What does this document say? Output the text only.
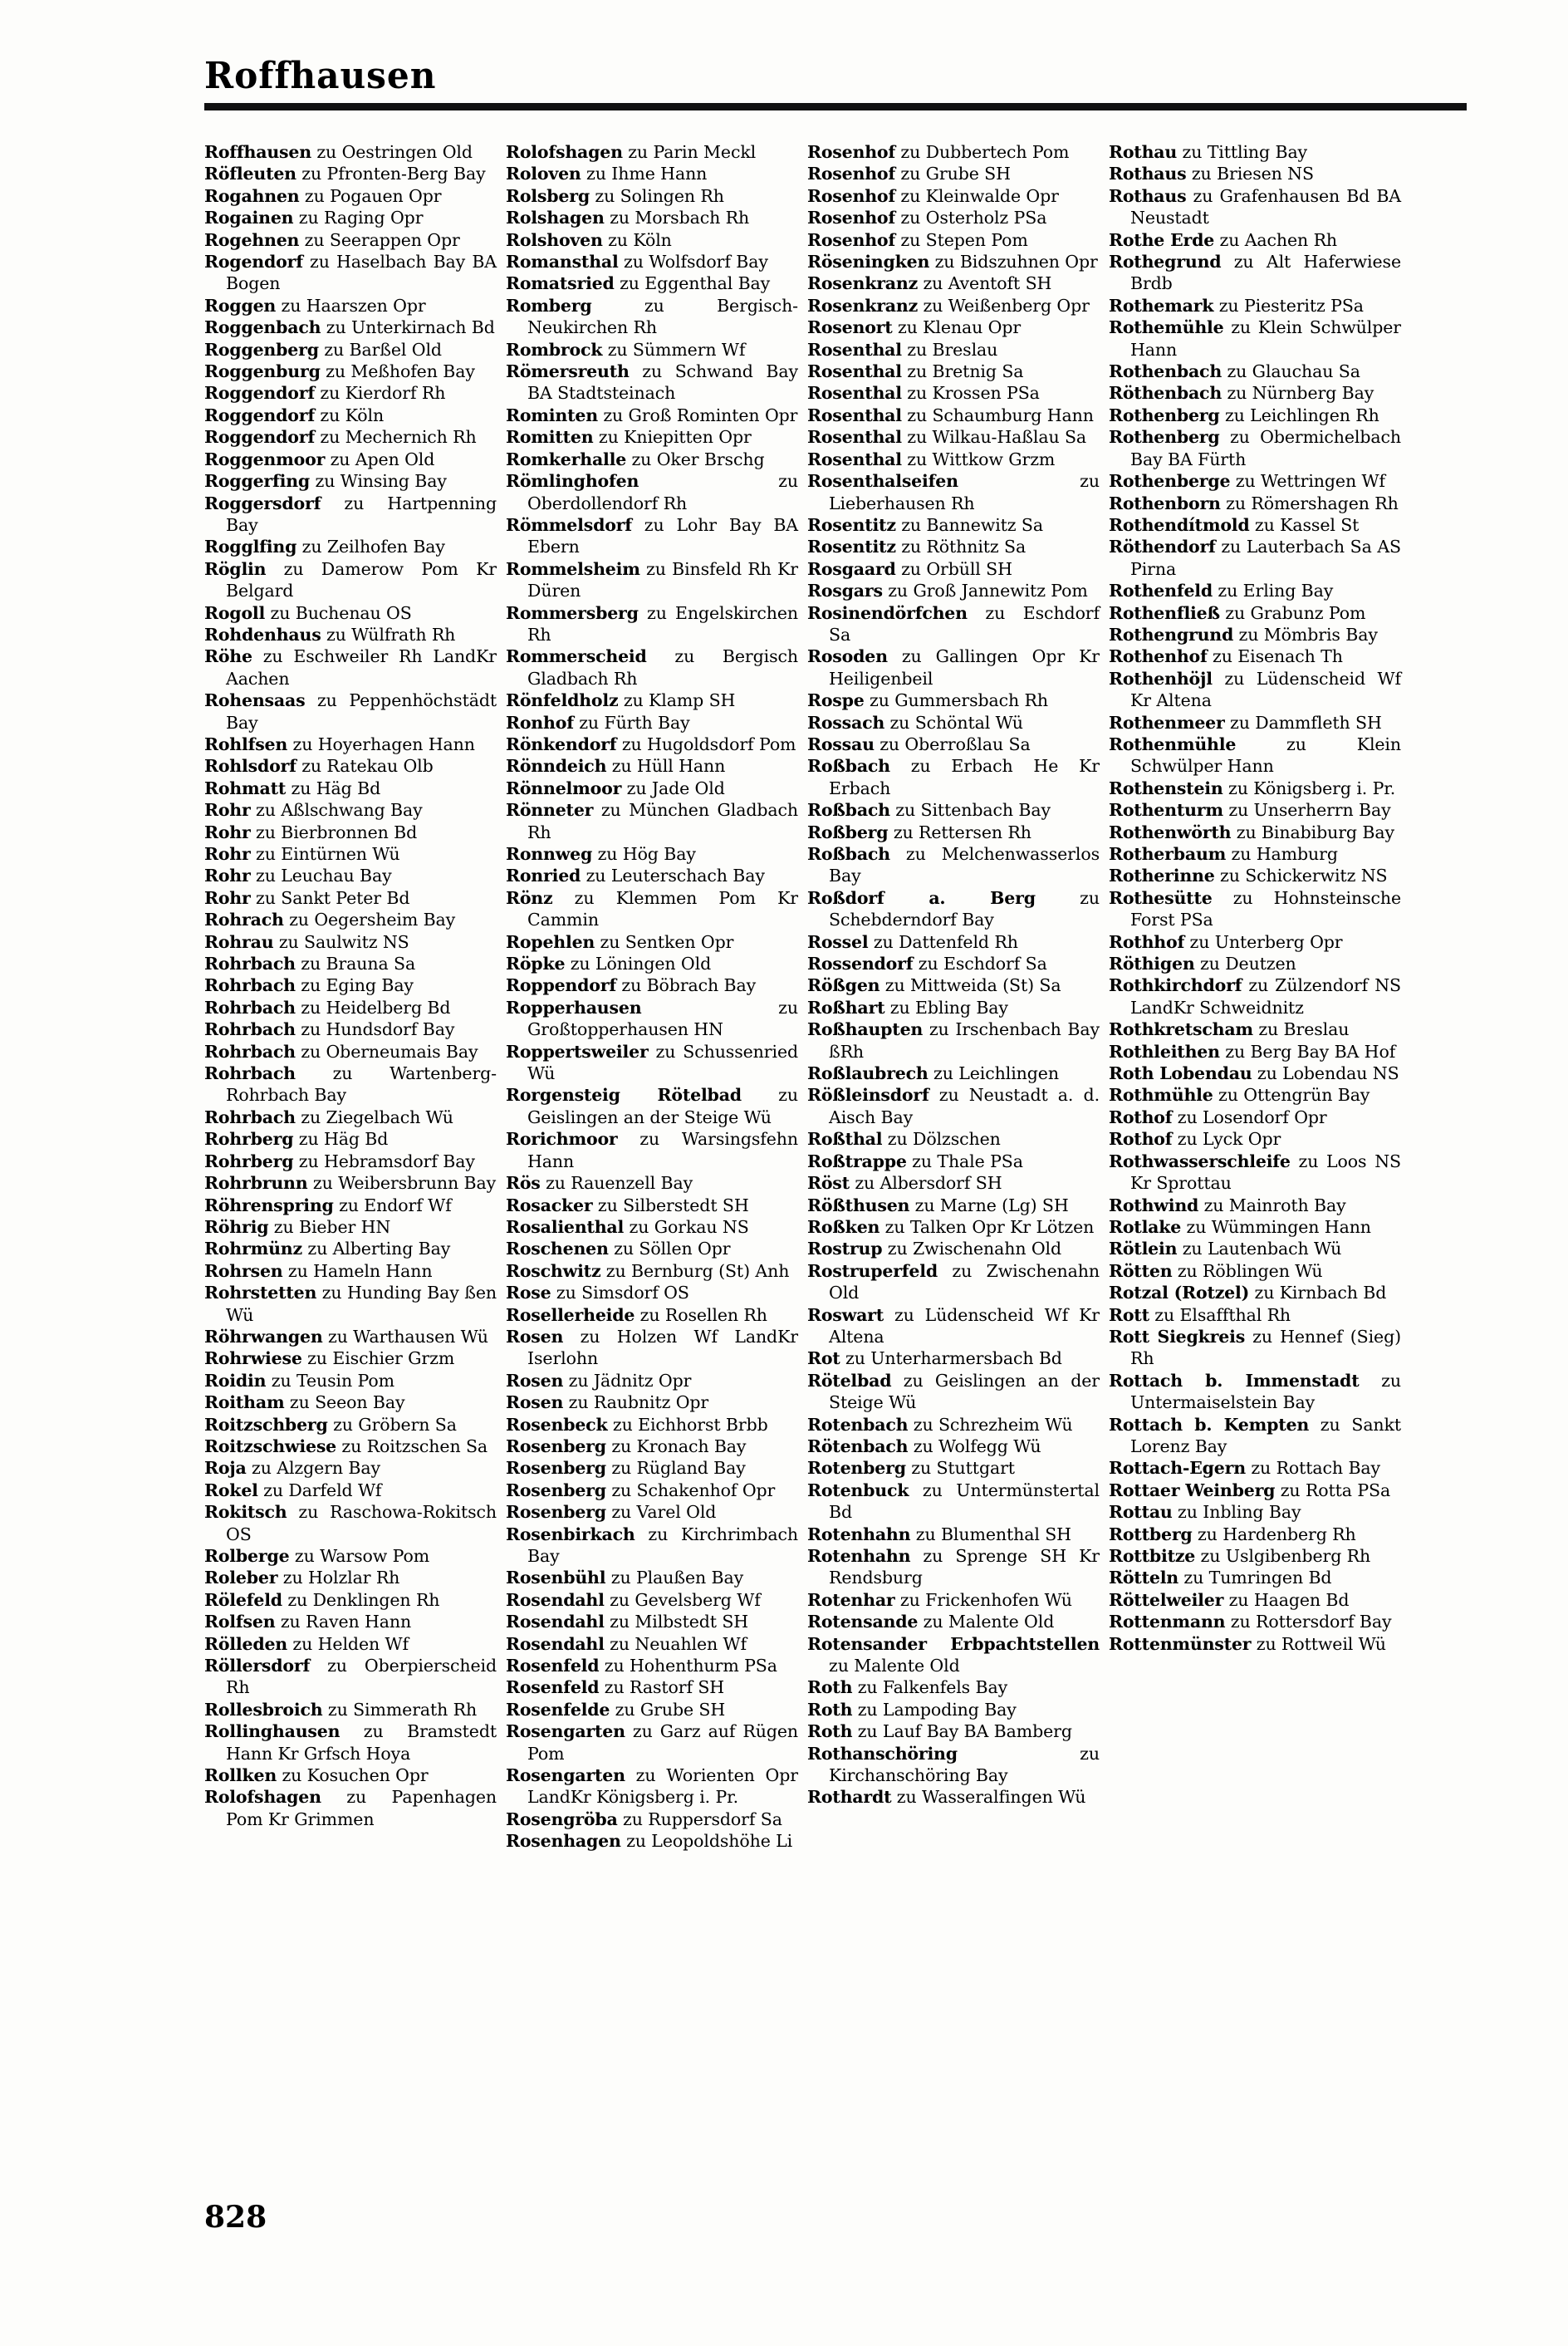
Roffhausen

Roffhausen zu Oestringen Old

Röfleuten zu Pfronten-Berg Bay

Rogahnen zu Pogauen Opr

Rogainen zu Raging Opr

Rogehnen zu Seerappen Opr

Rogendorf zu Haselbach Bay BA Bogen

Roggen zu Haarszen Opr

Roggenbach zu Unterkirnach Bd

Roggenberg zu Barßel Old

Roggenburg zu Meßhofen Bay

Roggendorf zu Kierdorf Rh

Roggendorf zu Köln

Roggendorf zu Mechernich Rh

Roggenmoor zu Apen Old

Roggerfing zu Winsing Bay

Roggersdorf zu Hartpenning Bay

Rogglfing zu Zeilhofen Bay

Röglin zu Damerow Pom Kr Belgard

Rogoll zu Buchenau OS

Rohdenhaus zu Wülfrath Rh

Röhe zu Eschweiler Rh LandKr Aachen

Rohensaas zu Peppenhöchstädt Bay

Rohlfsen zu Hoyerhagen Hann

Rohlsdorf zu Ratekau Olb

Rohmatt zu Häg Bd

Rohr zu Aßlschwang Bay

Rohr zu Bierbronnen Bd

Rohr zu Eintürnen Wü

Rohr zu Leuchau Bay

Rohr zu Sankt Peter Bd

Rohrach zu Oegersheim Bay

Rohrau zu Saulwitz NS

Rohrbach zu Brauna Sa

Rohrbach zu Eging Bay

Rohrbach zu Heidelberg Bd

Rohrbach zu Hundsdorf Bay

Rohrbach zu Oberneumais Bay

Rohrbach zu Wartenberg-Rohrbach Bay

Rohrbach zu Ziegelbach Wü

Rohrberg zu Häg Bd

Rohrberg zu Hebramsdorf Bay

Rohrbrunn zu Weibersbrunn Bay

Röhrenspring zu Endorf Wf

Röhrig zu Bieber HN

Rohrmünz zu Alberting Bay

Rohrsen zu Hameln Hann

Rohrstetten zu Hunding Bay ßen Wü

Röhrwangen zu Warthausen Wü

Rohrwiese zu Eischier Grzm

Roidin zu Teusin Pom

Roitham zu Seeon Bay

Roitzschberg zu Gröbern Sa

Roitzschwiese zu Roitzschen Sa

Roja zu Alzgern Bay

Rokel zu Darfeld Wf

Rokitsch zu Raschowa-Rokitsch OS

Rolberge zu Warsow Pom

Roleber zu Holzlar Rh

Rölefeld zu Denklingen Rh

Rolfsen zu Raven Hann

Rölleden zu Helden Wf

Röllersdorf zu Oberpierscheid Rh

Rollesbroich zu Simmerath Rh

Rollinghausen zu Bramstedt Hann Kr Grfsch Hoya

Rollken zu Kosuchen Opr

Rolofshagen zu Papenhagen Pom Kr Grimmen

Rolofshagen zu Parin Meckl

Roloven zu Ihme Hann

Rolsberg zu Solingen Rh

Rolshagen zu Morsbach Rh

Rolshoven zu Köln

Romansthal zu Wolfsdorf Bay

Romatsried zu Eggenthal Bay

Romberg zu Bergisch-Neukirchen Rh

Rombrock zu Sümmern Wf

Römersreuth zu Schwand Bay BA Stadtsteinach

Rominten zu Groß Rominten Opr

Romitten zu Kniepitten Opr

Romkerhalle zu Oker Brschg

Römlinghofen zu Oberdollendorf Rh

Römmelsdorf zu Lohr Bay BA Ebern

Rommelsheim zu Binsfeld Rh Kr Düren

Rommersberg zu Engelskirchen Rh

Rommerscheid zu Bergisch Gladbach Rh

Rönfeldholz zu Klamp SH

Ronhof zu Fürth Bay

Rönkendorf zu Hugoldsdorf Pom

Rönndeich zu Hüll Hann

Rönnelmoor zu Jade Old

Rönneter zu München Gladbach Rh

Ronnweg zu Hög Bay

Ronried zu Leuterschach Bay

Rönz zu Klemmen Pom Kr Cammin

Ropehlen zu Sentken Opr

Röpke zu Löningen Old

Roppendorf zu Böbrach Bay

Ropperhausen zu Großtopperhausen HN

Roppertsweiler zu Schussenried Wü

Rorgensteig Rötelbad zu Geislingen an der Steige Wü

Rorichmoor zu Warsingsfehn Hann

Rös zu Rauenzell Bay

Rosacker zu Silberstedt SH

Rosalienthal zu Gorkau NS

Roschenen zu Söllen Opr

Roschwitz zu Bernburg (St) Anh

Rose zu Simsdorf OS

Rosellerheide zu Rosellen Rh

Rosen zu Holzen Wf LandKr Iserlohn

Rosen zu Jädnitz Opr

Rosen zu Raubnitz Opr

Rosenbeck zu Eichhorst Brbb

Rosenberg zu Kronach Bay

Rosenberg zu Rügland Bay

Rosenberg zu Schakenhof Opr

Rosenberg zu Varel Old

Rosenbirkach zu Kirchrimbach Bay

Rosenbühl zu Plaußen Bay

Rosendahl zu Gevelsberg Wf

Rosendahl zu Milbstedt SH

Rosendahl zu Neuahlen Wf

Rosenfeld zu Hohenthurm PSa

Rosenfeld zu Rastorf SH

Rosenfelde zu Grube SH

Rosengarten zu Garz auf Rügen Pom

Rosengarten zu Worienten Opr LandKr Königsberg i. Pr.

Rosengröba zu Ruppersdorf Sa

Rosenhagen zu Leopoldshöhe Li

Rosenhof zu Dubbertech Pom

Rosenhof zu Grube SH

Rosenhof zu Kleinwalde Opr

Rosenhof zu Osterholz PSa

Rosenhof zu Stepen Pom

Röseningken zu Bidszuhnen Opr

Rosenkranz zu Aventoft SH

Rosenkranz zu Weißenberg Opr

Rosenort zu Klenau Opr

Rosenthal zu Breslau

Rosenthal zu Bretnig Sa

Rosenthal zu Krossen PSa

Rosenthal zu Schaumburg Hann

Rosenthal zu Wilkau-Haßlau Sa

Rosenthal zu Wittkow Grzm

Rosenthalseifen zu Lieberhausen Rh

Rosentitz zu Bannewitz Sa

Rosentitz zu Röthnitz Sa

Rosgaard zu Orbüll SH

Rosgars zu Groß Jannewitz Pom

Rosinendörfchen zu Eschdorf Sa

Rosoden zu Gallingen Opr Kr Heiligenbeil

Rospe zu Gummersbach Rh

Rossach zu Schöntal Wü

Rossau zu Oberroßlau Sa

Roßbach zu Erbach He Kr Erbach

Roßbach zu Sittenbach Bay

Roßberg zu Rettersen Rh

Roßbach zu Melchenwasserlos Bay

Roßdorf a. Berg zu Schebderndorf Bay

Rossel zu Dattenfeld Rh

Rossendorf zu Eschdorf Sa

Rößgen zu Mittweida (St) Sa

Roßhart zu Ebling Bay

Roßhaupten zu Irschenbach Bay ßRh

Roßlaubrech zu Leichlingen

Rößleinsdorf zu Neustadt a. d. Aisch Bay

Roßthal zu Dölzschen

Roßtrappe zu Thale PSa

Röst zu Albersdorf SH

Rößthusen zu Marne (Lg) SH

Roßken zu Talken Opr Kr Lötzen

Rostrup zu Zwischenahn Old

Rostruperfeld zu Zwischenahn Old

Roswart zu Lüdenscheid Wf Kr Altena

Rot zu Unterharmersbach Bd

Rötelbad zu Geislingen an der Steige Wü

Rotenbach zu Schrezheim Wü

Rötenbach zu Wolfegg Wü

Rotenberg zu Stuttgart

Rotenbuck zu Untermünstertal Bd

Rotenhahn zu Blumenthal SH

Rotenhahn zu Sprenge SH Kr Rendsburg

Rotenhar zu Frickenhofen Wü

Rotensande zu Malente Old

Rotensander Erbpachtstellen zu Malente Old

Roth zu Falkenfels Bay

Roth zu Lampoding Bay

Roth zu Lauf Bay BA Bamberg

Rothanschöring zu Kirchanschöring Bay

Rothardt zu Wasseralfingen Wü

Rothau zu Tittling Bay

Rothaus zu Briesen NS

Rothaus zu Grafenhausen Bd BA Neustadt

Rothe Erde zu Aachen Rh

Rothegrund zu Alt Haferwiese Brdb

Rothemark zu Piesteritz PSa

Rothemühle zu Klein Schwülper Hann

Rothenbach zu Glauchau Sa

Röthenbach zu Nürnberg Bay

Rothenberg zu Leichlingen Rh

Rothenberg zu Obermichelbach Bay BA Fürth

Rothenberge zu Wettringen Wf

Rothenborn zu Römershagen Rh

Rothendítmold zu Kassel St

Röthendorf zu Lauterbach Sa AS Pirna

Rothenfeld zu Erling Bay

Rothenfließ zu Grabunz Pom

Rothengrund zu Mömbris Bay

Rothenhof zu Eisenach Th

Rothenhöjl zu Lüdenscheid Wf Kr Altena

Rothenmeer zu Dammfleth SH

Rothenmühle zu Klein Schwülper Hann

Rothenstein zu Königsberg i. Pr.

Rothenturm zu Unserherrn Bay

Rothenwörth zu Binabiburg Bay

Rotherbaum zu Hamburg

Rotherinne zu Schickerwitz NS

Rothesütte zu Hohnsteinsche Forst PSa

Rothhof zu Unterberg Opr

Röthigen zu Deutzen

Rothkirchdorf zu Zülzendorf NS LandKr Schweidnitz

Rothkretscham zu Breslau

Rothleithen zu Berg Bay BA Hof

Roth Lobendau zu Lobendau NS

Rothmühle zu Ottengrün Bay

Rothof zu Losendorf Opr

Rothof zu Lyck Opr

Rothwasserschleife zu Loos NS Kr Sprottau

Rothwind zu Mainroth Bay

Rotlake zu Wümmingen Hann

Rötlein zu Lautenbach Wü

Rötten zu Röblingen Wü

Rotzal (Rotzel) zu Kirnbach Bd

Rott zu Elsaffthal Rh

Rott Siegkreis zu Hennef (Sieg) Rh

Rottach b. Immenstadt zu Untermaiselstein Bay

Rottach b. Kempten zu Sankt Lorenz Bay

Rottach-Egern zu Rottach Bay

Rottaer Weinberg zu Rotta PSa

Rottau zu Inbling Bay

Rottberg zu Hardenberg Rh

Rottbitze zu Uslgibenberg Rh

Rötteln zu Tumringen Bd

Röttelweiler zu Haagen Bd

Rottenmann zu Rottersdorf Bay

Rottenmünster zu Rottweil Wü

828
